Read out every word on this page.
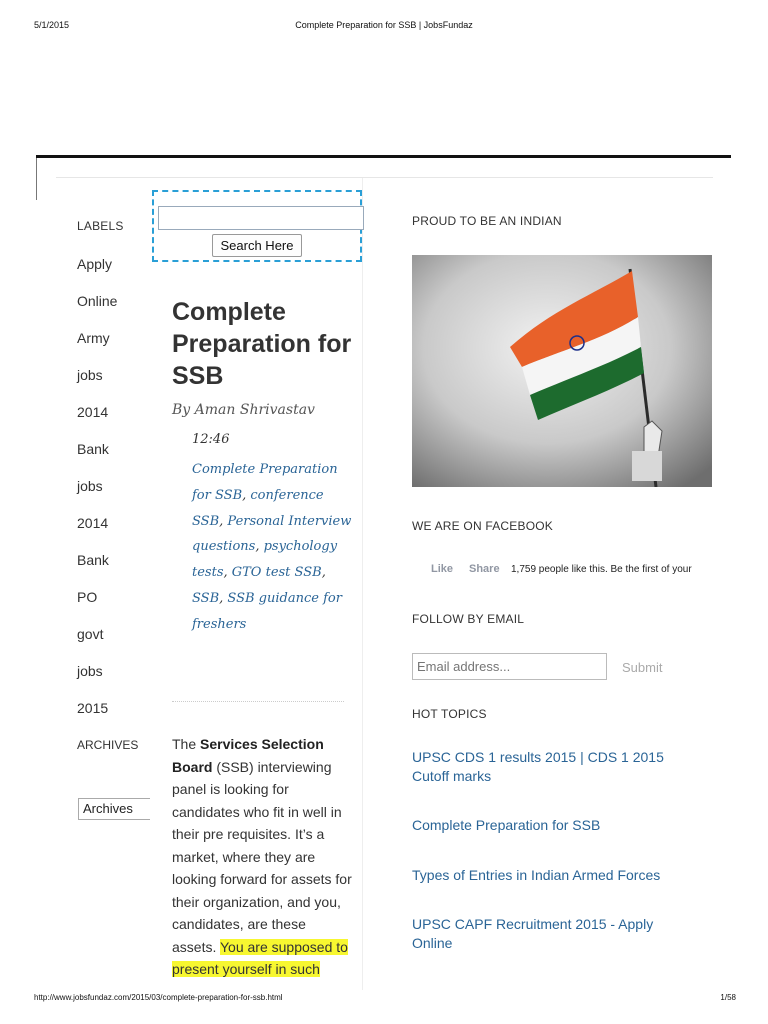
5/1/2015	Complete Preparation for SSB | JobsFundaz
LABELS
Apply
Online
Army
jobs
2014
Bank
jobs
2014
Bank
PO
govt
jobs
2015
ARCHIVES
Archives
Search Here
Complete Preparation for SSB
By Aman Shrivastav
12:46
Complete Preparation for SSB, conference SSB, Personal Interview questions, psychology tests, GTO test SSB, SSB, SSB guidance for freshers
The Services Selection Board (SSB) interviewing panel is looking for candidates who fit in well in their pre requisites. It’s a market, where they are looking forward for assets for their organization, and you, candidates, are these assets. You are supposed to present yourself in such
PROUD TO BE AN INDIAN
WE ARE ON FACEBOOK
Like Share 1,759 people like this. Be the first of your
FOLLOW BY EMAIL
Email address...
Submit
HOT TOPICS
UPSC CDS 1 results 2015 | CDS 1 2015 Cutoff marks
Complete Preparation for SSB
Types of Entries in Indian Armed Forces
UPSC CAPF Recruitment 2015 - Apply Online
http://www.jobsfundaz.com/2015/03/complete-preparation-for-ssb.html	1/58
